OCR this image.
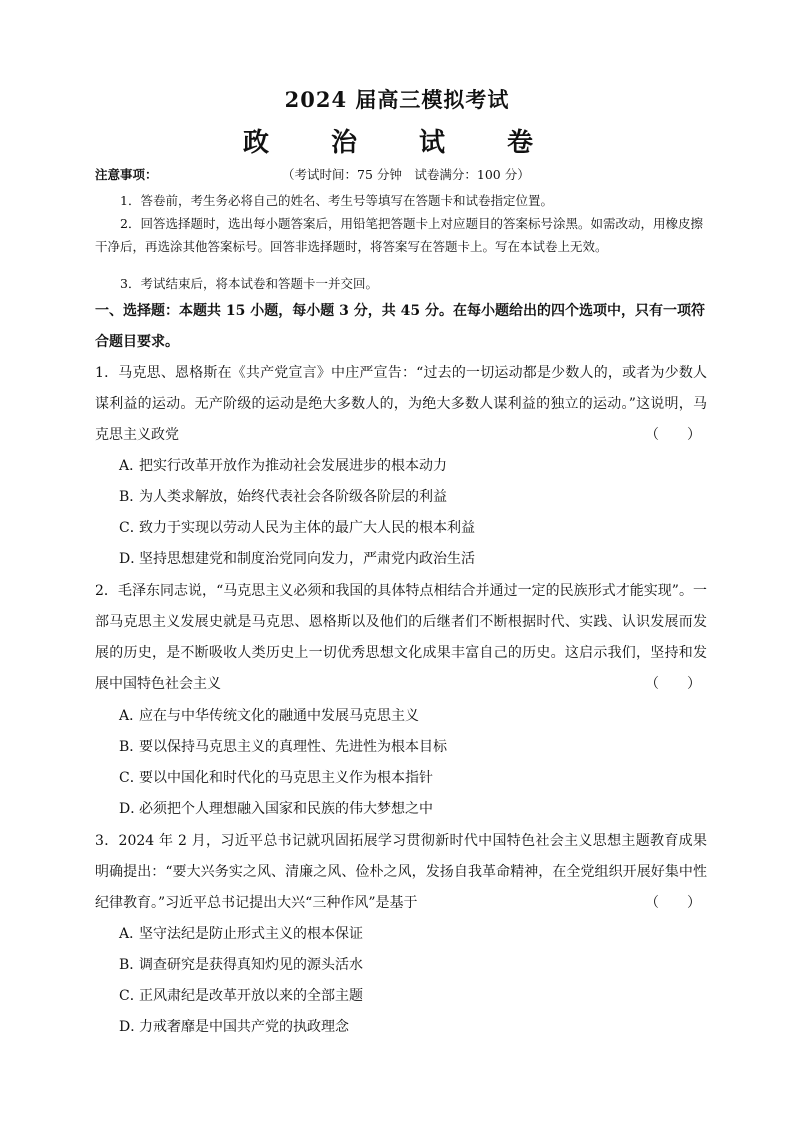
2024 届高三模拟考试
政　治　试　卷
注意事项：	（考试时间：75 分钟　试卷满分：100 分）
1．答卷前，考生务必将自己的姓名、考生号等填写在答题卡和试卷指定位置。
2．回答选择题时，选出每小题答案后，用铅笔把答题卡上对应题目的答案标号涂黑。如需改动，用橡皮擦干净后，再选涂其他答案标号。回答非选择题时，将答案写在答题卡上。写在本试卷上无效。
3．考试结束后，将本试卷和答题卡一并交回。
一、选择题：本题共 15 小题，每小题 3 分，共 45 分。在每小题给出的四个选项中，只有一项符合题目要求。
1．马克思、恩格斯在《共产党宣言》中庄严宣告：“过去的一切运动都是少数人的，或者为少数人谋利益的运动。无产阶级的运动是绝大多数人的，为绝大多数人谋利益的独立的运动。”这说明，马克思主义政党	（　　）
A．把实行改革开放作为推动社会发展进步的根本动力
B．为人类求解放，始终代表社会各阶级各阶层的利益
C．致力于实现以劳动人民为主体的最广大人民的根本利益
D．坚持思想建党和制度治党同向发力，严肃党内政治生活
2．毛泽东同志说，“马克思主义必须和我国的具体特点相结合并通过一定的民族形式才能实现”。一部马克思主义发展史就是马克思、恩格斯以及他们的后继者们不断根据时代、实践、认识发展而发展的历史，是不断吸收人类历史上一切优秀思想文化成果丰富自己的历史。这启示我们，坚持和发展中国特色社会主义	（　　）
A．应在与中华传统文化的融通中发展马克思主义
B．要以保持马克思主义的真理性、先进性为根本目标
C．要以中国化和时代化的马克思主义作为根本指针
D．必须把个人理想融入国家和民族的伟大梦想之中
3．2024 年 2 月，习近平总书记就巩固拓展学习贯彻新时代中国特色社会主义思想主题教育成果明确提出：“要大兴务实之风、清廉之风、俭朴之风，发扬自我革命精神，在全党组织开展好集中性纪律教育。”习近平总书记提出大兴“三种作风”是基于	（　　）
A．坚守法纪是防止形式主义的根本保证
B．调查研究是获得真知灼见的源头活水
C．正风肃纪是改革开放以来的全部主题
D．力戒奢靡是中国共产党的执政理念
